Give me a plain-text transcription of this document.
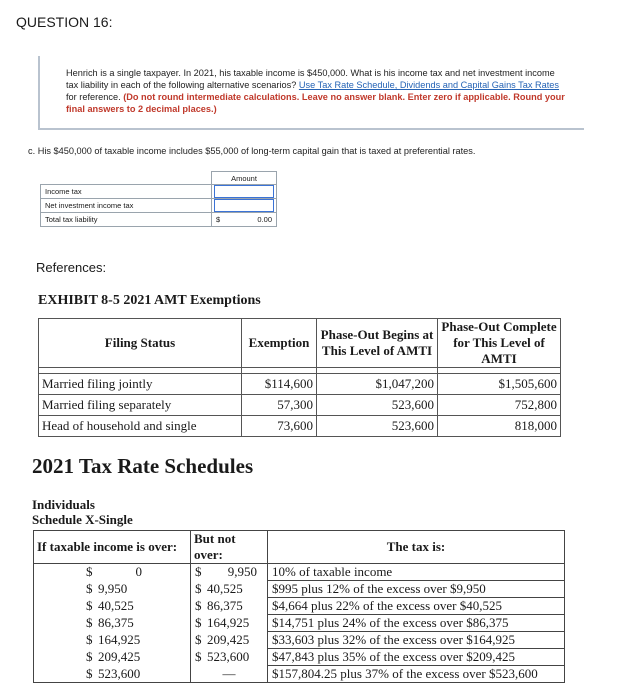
QUESTION 16:
Henrich is a single taxpayer. In 2021, his taxable income is $450,000. What is his income tax and net investment income tax liability in each of the following alternative scenarios? Use Tax Rate Schedule, Dividends and Capital Gains Tax Rates for reference. (Do not round intermediate calculations. Leave no answer blank. Enter zero if applicable. Round your final answers to 2 decimal places.)
c. His $450,000 of taxable income includes $55,000 of long-term capital gain that is taxed at preferential rates.
	Amount
Income tax	

Net investment income tax	

Total tax liability	$ 0.00
References:
EXHIBIT 8-5 2021 AMT Exemptions
Filing Status	Exemption	Phase-Out Begins at This Level of AMTI	Phase-Out Complete for This Level of AMTI

Married filing jointly	$114,600	$1,047,200	$1,505,600
Married filing separately	57,300	523,600	752,800
Head of household and single	73,600	523,600	818,000
2021 Tax Rate Schedules
Individuals
Schedule X-Single
If taxable income is over:	But not over:	The tax is:
$ 0	$ 9,950	10% of taxable income
$ 9,950	$ 40,525	$995 plus 12% of the excess over $9,950
$ 40,525	$ 86,375	$4,664 plus 22% of the excess over $40,525
$ 86,375	$ 164,925	$14,751 plus 24% of the excess over $86,375
$ 164,925	$ 209,425	$33,603 plus 32% of the excess over $164,925
$ 209,425	$ 523,600	$47,843 plus 35% of the excess over $209,425
$ 523,600	—	$157,804.25 plus 37% of the excess over $523,600
